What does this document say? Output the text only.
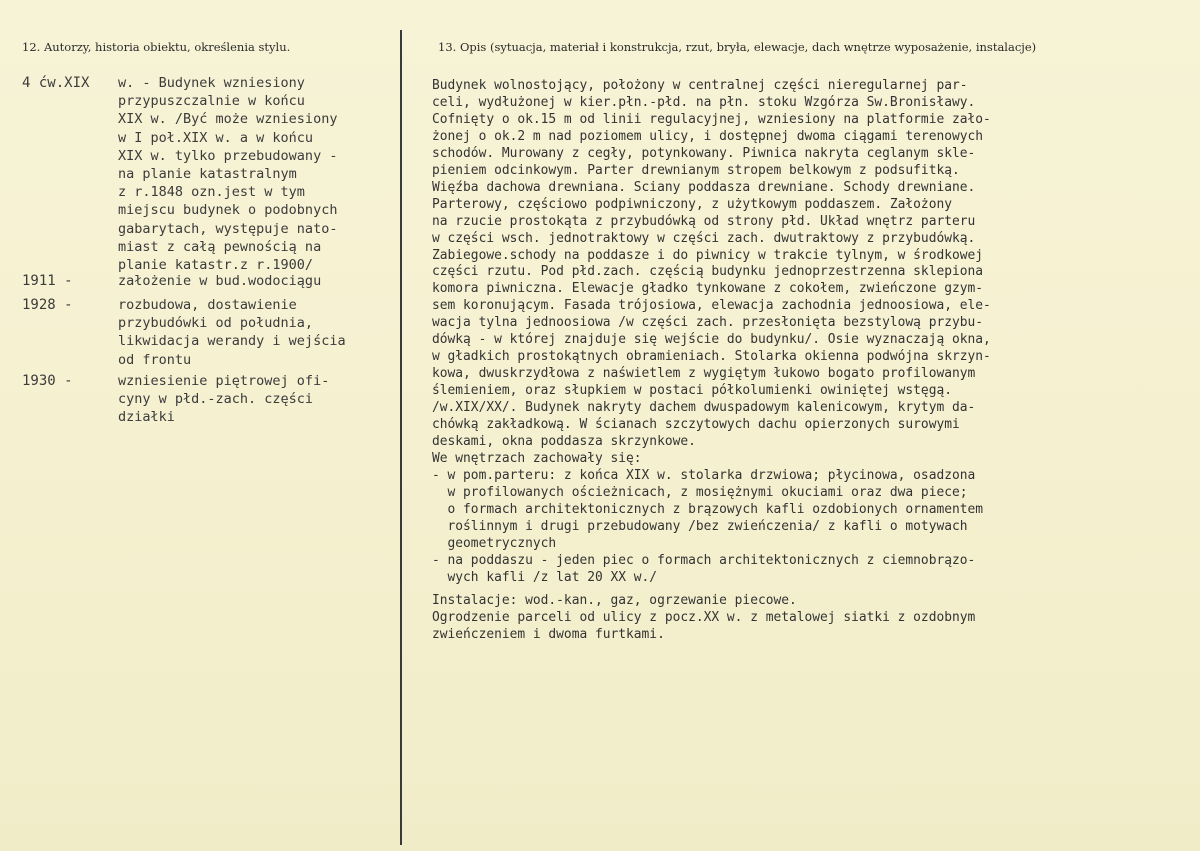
12. Autorzy, historia obiektu, określenia stylu.	13. Opis (sytuacja, materiał i konstrukcja, rzut, bryła, elewacje, dach wnętrze wyposażenie, instalacje)
4 ćw.XIX	w. - Budynek wzniesiony
przypuszczalnie w końcu
XIX w. /Być może wzniesiony
w I poł.XIX w. a w końcu
XIX w. tylko przebudowany -
na planie katastralnym
z r.1848 ozn.jest w tym
miejscu budynek o podobnych
gabarytach, występuje nato-
miast z całą pewnością na
planie katastr.z r.1900/
1911 -	założenie w bud.wodociągu
1928 -	rozbudowa, dostawienie
przybudówki od południa,
likwidacja werandy i wejścia
od frontu
1930 -	wzniesienie piętrowej ofi-
cyny w płd.-zach. części
działki
Budynek wolnostojący, położony w centralnej części nieregularnej par-
celi, wydłużonej w kier.płn.-płd. na płn. stoku Wzgórza Sw.Bronisławy.
Cofnięty o ok.15 m od linii regulacyjnej, wzniesiony na platformie zało-
żonej o ok.2 m nad poziomem ulicy, i dostępnej dwoma ciągami terenowych
schodów. Murowany z cegły, potynkowany. Piwnica nakryta ceglanym skle-
pieniem odcinkowym. Parter drewnianym stropem belkowym z podsufitką.
Więźba dachowa drewniana. Sciany poddasza drewniane. Schody drewniane.
Parterowy, częściowo podpiwniczony, z użytkowym poddaszem. Założony
na rzucie prostokąta z przybudówką od strony płd. Układ wnętrz parteru
w części wsch. jednotraktowy w części zach. dwutraktowy z przybudówką.
Zabiegowe.schody na poddasze i do piwnicy w trakcie tylnym, w środkowej
części rzutu. Pod płd.zach. częścią budynku jednoprzestrzenna sklepiona
komora piwniczna. Elewacje gładko tynkowane z cokołem, zwieńczone gzym-
sem koronującym. Fasada trójosiowa, elewacja zachodnia jednoosiowa, ele-
wacja tylna jednoosiowa /w części zach. przesłonięta bezstylową przybu-
dówką - w której znajduje się wejście do budynku/. Osie wyznaczają okna,
w gładkich prostokątnych obramieniach. Stolarka okienna podwójna skrzyn-
kowa, dwuskrzydłowa z naświetlem z wygiętym łukowo bogato profilowanym
ślemieniem, oraz słupkiem w postaci półkolumienki owiniętej wstęgą.
/w.XIX/XX/. Budynek nakryty dachem dwuspadowym kalenicowym, krytym da-
chówką zakładkową. W ścianach szczytowych dachu opierzonych surowymi
deskami, okna poddasza skrzynkowe.
We wnętrzach zachowały się:
- w pom.parteru: z końca XIX w. stolarka drzwiowa; płycinowa, osadzona
w profilowanych ościeżnicach, z mosiężnymi okuciami oraz dwa piece;
o formach architektonicznych z brązowych kafli ozdobionych ornamentem
roślinnym i drugi przebudowany /bez zwieńczenia/ z kafli o motywach
geometrycznych
- na poddaszu - jeden piec o formach architektonicznych z ciemnobrązo-
wych kafli /z lat 20 XX w./
Instalacje: wod.-kan., gaz, ogrzewanie piecowe.
Ogrodzenie parceli od ulicy z pocz.XX w. z metalowej siatki z ozdobnym
zwieńczeniem i dwoma furtkami.
